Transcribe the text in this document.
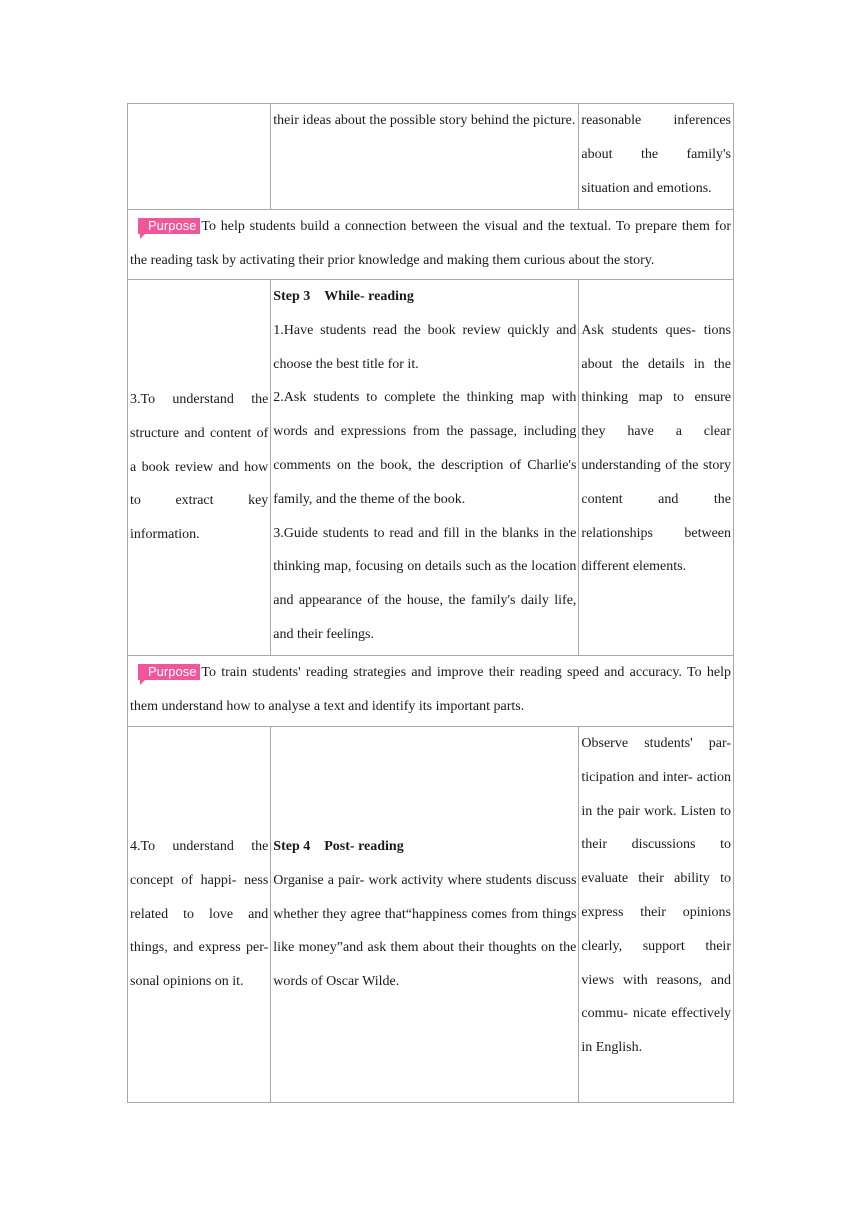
	their ideas about the possible story behind the picture.	reasonable inferences about the family's situation and emotions.

Purpose To help students build a connection between the visual and the textual. To prepare them for the reading task by activating their prior knowledge and making them curious about the story.		

3.To understand the structure and content of a book review and how to extract key information.	Step 3　While- reading
1.Have students read the book review quickly and choose the best title for it.
2.Ask students to complete the thinking map with words and expressions from the passage, including comments on the book, the description of Charlie's family, and the theme of the book.
3.Guide students to read and fill in the blanks in the thinking map, focusing on details such as the location and appearance of the house, the family's daily life, and their feelings.	Ask students ques- tions about the details in the thinking map to ensure they have a clear understanding of the story content and the relationships between different elements.

Purpose To train students' reading strategies and improve their reading speed and accuracy. To help them understand how to analyse a text and identify its important parts.		

4.To understand the concept of happi- ness related to love and things, and express per- sonal opinions on it.	Step 4　Post- reading
Organise a pair- work activity where students discuss whether they agree that“happiness comes from things like money”and ask them about their thoughts on the words of Oscar Wilde.	Observe students' par- ticipation and inter- action in the pair work. Listen to their discussions to evaluate their ability to express their opinions clearly, support their views with reasons, and commu- nicate effectively in English.
